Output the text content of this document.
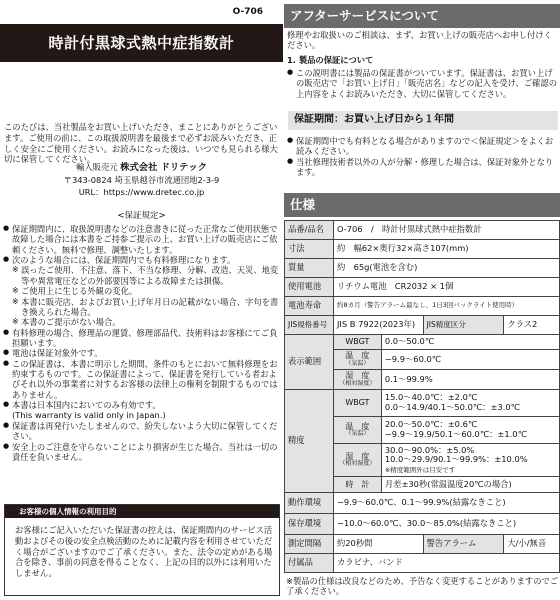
O-706
時計付黒球式熱中症指数計

このたびは、当社製品をお買い上げいただき、まことにありがとうございます。ご使用の前に、この取扱説明書を最後まで必ずお読みいただき、正しく安全にご使用ください。お読みになった後は、いつでも見られる様大切に保管してください。

輸入販売元 株式会社 ドリテック
〒343-0824 埼玉県越谷市流通団地2-3-9
URL：https://www.dretec.co.jp
<保証規定>
● 保証期間内に、取扱説明書などの注意書きに従った正常なご使用状態で故障した場合には本書をご持参ご提示の上、お買い上げの販売店にご依頼ください。無料で修理、調整いたします。
● 次のような場合には、保証期間内でも有料修理になります。
※ 誤ったご使用、不注意、落下、不当な修理、分解、改造、天災、地変等や異常電圧などの外部要因等による故障または損傷。
※ ご使用上に生じる外観の変化。
※ 本書に販売店、およびお買い上げ年月日の記載がない場合、字句を書き換えられた場合。
※ 本書のご提示がない場合。
● 有料修理の場合、修理品の運賃、修理部品代、技術料はお客様にてご負担願います。
● 電池は保証対象外です。
● この保証書は、本書に明示した期間、条件のもとにおいて無料修理をお約束するものです。この保証書によって、保証書を発行している者およびそれ以外の事業者に対するお客様の法律上の権利を制限するものではありません。
● 本書は日本国内においてのみ有効です。
(This warranty is valid only in Japan.)
● 保証書は再発行いたしませんので、紛失しないよう大切に保管してください。
● 安全上のご注意を守らないことにより損害が生じた場合、当社は一切の責任を負いません。
お客様の個人情報の利用目的

お客様にご記入いただいた保証書の控えは、保証期間内のサービス活動およびその後の安全点検活動のために記載内容を利用させていただく場合がございますのでご了承ください。また、法令の定めがある場合を除き、事前の同意を得ることなく、上記の目的以外には利用いたしません。

アフターサービスについて

修理やお取扱いのご相談は、まず、お買い上げの販売店へお申し付けください。

1. 製品の保証について

● この説明書には製品の保証書がついています。保証書は、お買い上げの販売店で「お買い上げ日」「販売店名」などの記入を受け、ご確認の上内容をよくお読みいただき、大切に保管してください。
保証期間：お買い上げ日から１年間
● 保証期間中でも有料となる場合がありますので＜保証規定＞をよくお読みください。
● 当社修理技術者以外の人が分解・修理した場合は、保証対象外となります。
仕様
品番/品名	O-706　/　時計付黒球式熱中症指数計			
寸法	約　幅62×奥行32×高さ107(mm)			
質量	約　65g(電池を含む)			
使用電池	リチウム電池　CR2032 × 1個			
電池寿命	約8カ月（警告アラーム最なし、1日3回バックライト使用時）			
JIS規格番号	JIS B 7922(2023年)		JIS精度区分	クラス2
表示範囲	WBGT	0.0〜50.0℃		
	温　度
（気温）	−9.9〜60.0℃		
	湿　度
（相対湿度）	0.1〜99.9%		
精度	WBGT	15.0〜40.0℃：±2.0℃
0.0〜14.9/40.1〜50.0℃：±3.0℃		
	温　度
（気温）	20.0〜50.0℃：±0.6℃
−9.9〜19.9/50.1〜60.0℃：±1.0℃		
	湿　度
（相対湿度）	30.0〜90.0%：±5.0%
10.0〜29.9/90.1〜99.9%：±10.0%
※精度範囲外は目安です		
	時　計	月差±30秒(常温温度20℃の場合)		
動作環境	−9.9〜60.0℃、0.1〜99.9%(結露なきこと)			
保存環境	−10.0〜60.0℃、30.0〜85.0%(結露なきこと)			
測定間隔	約20秒間		警告アラーム	大/小/無音
付属品	カラビナ、バンド			

※製品の仕様は改良などのため、予告なく変更することがありますのでご了承ください。
